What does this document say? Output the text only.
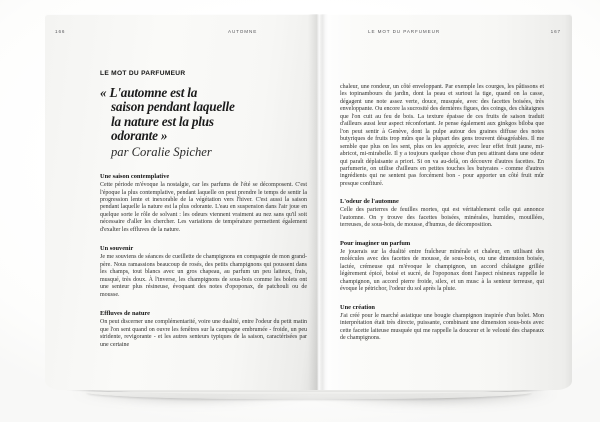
166	AUTOMNE
LE MOT DU PARFUMEUR
« L'automne est la
saison pendant laquelle
la nature est la plus
odorante »
par Coralie Spicher
Une saison contemplative

Cette période m'évoque la nostalgie, car les parfums de l'été se décomposent. C'est l'époque la plus contemplative, pendant laquelle on peut prendre le temps de sentir la progression lente et inexorable de la végétation vers l'hiver. C'est aussi la saison pendant laquelle la nature est la plus odorante. L'eau en suspension dans l'air joue en quelque sorte le rôle de solvant : les odeurs viennent vraiment au nez sans qu'il soit nécessaire d'aller les chercher. Les variations de température permettent également d'exalter les effluves de la nature.

Un souvenir

Je me souviens de séances de cueillette de champignons en compagnie de mon grand-père. Nous ramassions beaucoup de rosés, des petits champignons qui poussent dans les champs, tout blancs avec un gros chapeau, au parfum un peu laiteux, frais, musqué, très doux. À l'inverse, les champignons de sous-bois comme les bolets ont une senteur plus résineuse, évoquant des notes d'opoponax, de patchouli ou de mousse.

Effluves de nature

On peut discerner une complémentarité, voire une dualité, entre l'odeur du petit matin que l'on sent quand on ouvre les fenêtres sur la campagne embrumée - froide, un peu stridente, revigorante - et les autres senteurs typiques de la saison, caractérisées par une certaine

LE MOT DU PARFUMEUR	167

chaleur, une rondeur, un côté enveloppant. Par exemple les courges, les pâtissons et les topinambours du jardin, dont la peau et surtout la tige, quand on la casse, dégagent une note assez verte, douce, musquée, avec des facettes boisées, très enveloppante. Ou encore la sucrosité des dernières figues, des coings, des châtaignes que l'on cuit au feu de bois. La texture épaisse de ces fruits de saison traduit d'ailleurs aussi leur aspect réconfortant. Je pense également aux ginkgos biloba que l'on peut sentir à Genève, dont la pulpe autour des graines diffuse des notes butyriques de fruits trop mûrs que la plupart des gens trouvent désagréables. Il me semble que plus on les sent, plus on les apprécie, avec leur effet fruit jaune, mi-abricot, mi-mirabelle. Il y a toujours quelque chose d'un peu attirant dans une odeur qui paraît déplaisante a priori. Si on va au-delà, on découvre d'autres facettes. En parfumerie, on utilise d'ailleurs en petites touches les butyrates - comme d'autres ingrédients qui ne sentent pas forcément bon - pour apporter un côté fruit mûr presque confituré.

L'odeur de l'automne

Celle des parterres de feuilles mortes, qui est véritablement celle qui annonce l'automne. On y trouve des facettes boisées, minérales, humides, mouillées, terreuses, de sous-bois, de mousse, d'humus, de décomposition.

Pour imaginer un parfum

Je jouerais sur la dualité entre fraîcheur minérale et chaleur, en utilisant des molécules avec des facettes de mousse, de sous-bois, ou une dimension boisée, lactée, crémeuse qui m'évoque le champignon, un accord châtaigne grillée légèrement épicé, boisé et sucré, de l'opoponax dont l'aspect résineux rappelle le champignon, un accord pierre froide, silex, et un musc à la senteur terreuse, qui évoque le pétrichor, l'odeur du sol après la pluie.

Une création

J'ai créé pour le marché asiatique une bougie champignon inspirée d'un bolet. Mon interprétation était très directe, puissante, combinant une dimension sous-bois avec cette facette laiteuse musquée qui me rappelle la douceur et le velouté des chapeaux de champignons.
